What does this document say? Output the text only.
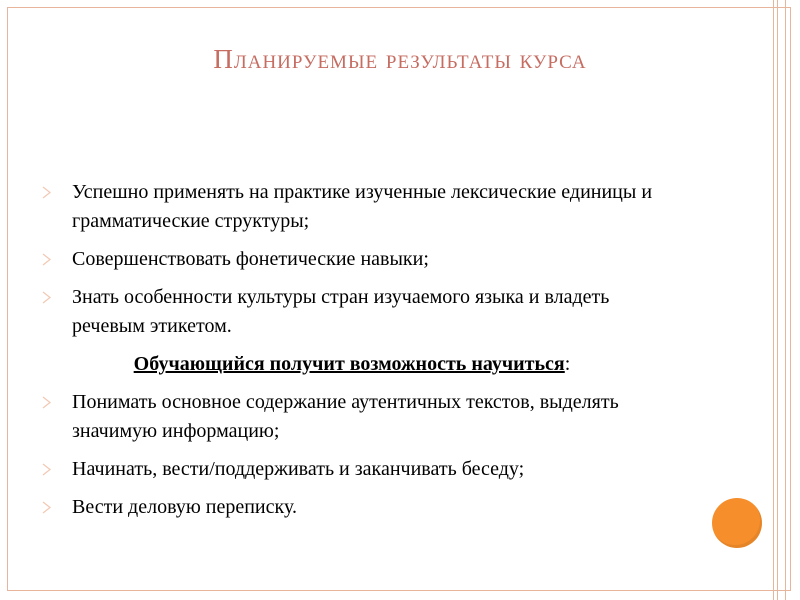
Планируемые результаты курса
Успешно применять на практике изученные лексические единицы и грамматические структуры;
Совершенствовать фонетические навыки;
Знать особенности культуры стран изучаемого языка и владеть речевым этикетом.
Обучающийся получит возможность научиться:
Понимать основное содержание аутентичных текстов, выделять значимую информацию;
Начинать, вести/поддерживать и заканчивать беседу;
Вести деловую переписку.
